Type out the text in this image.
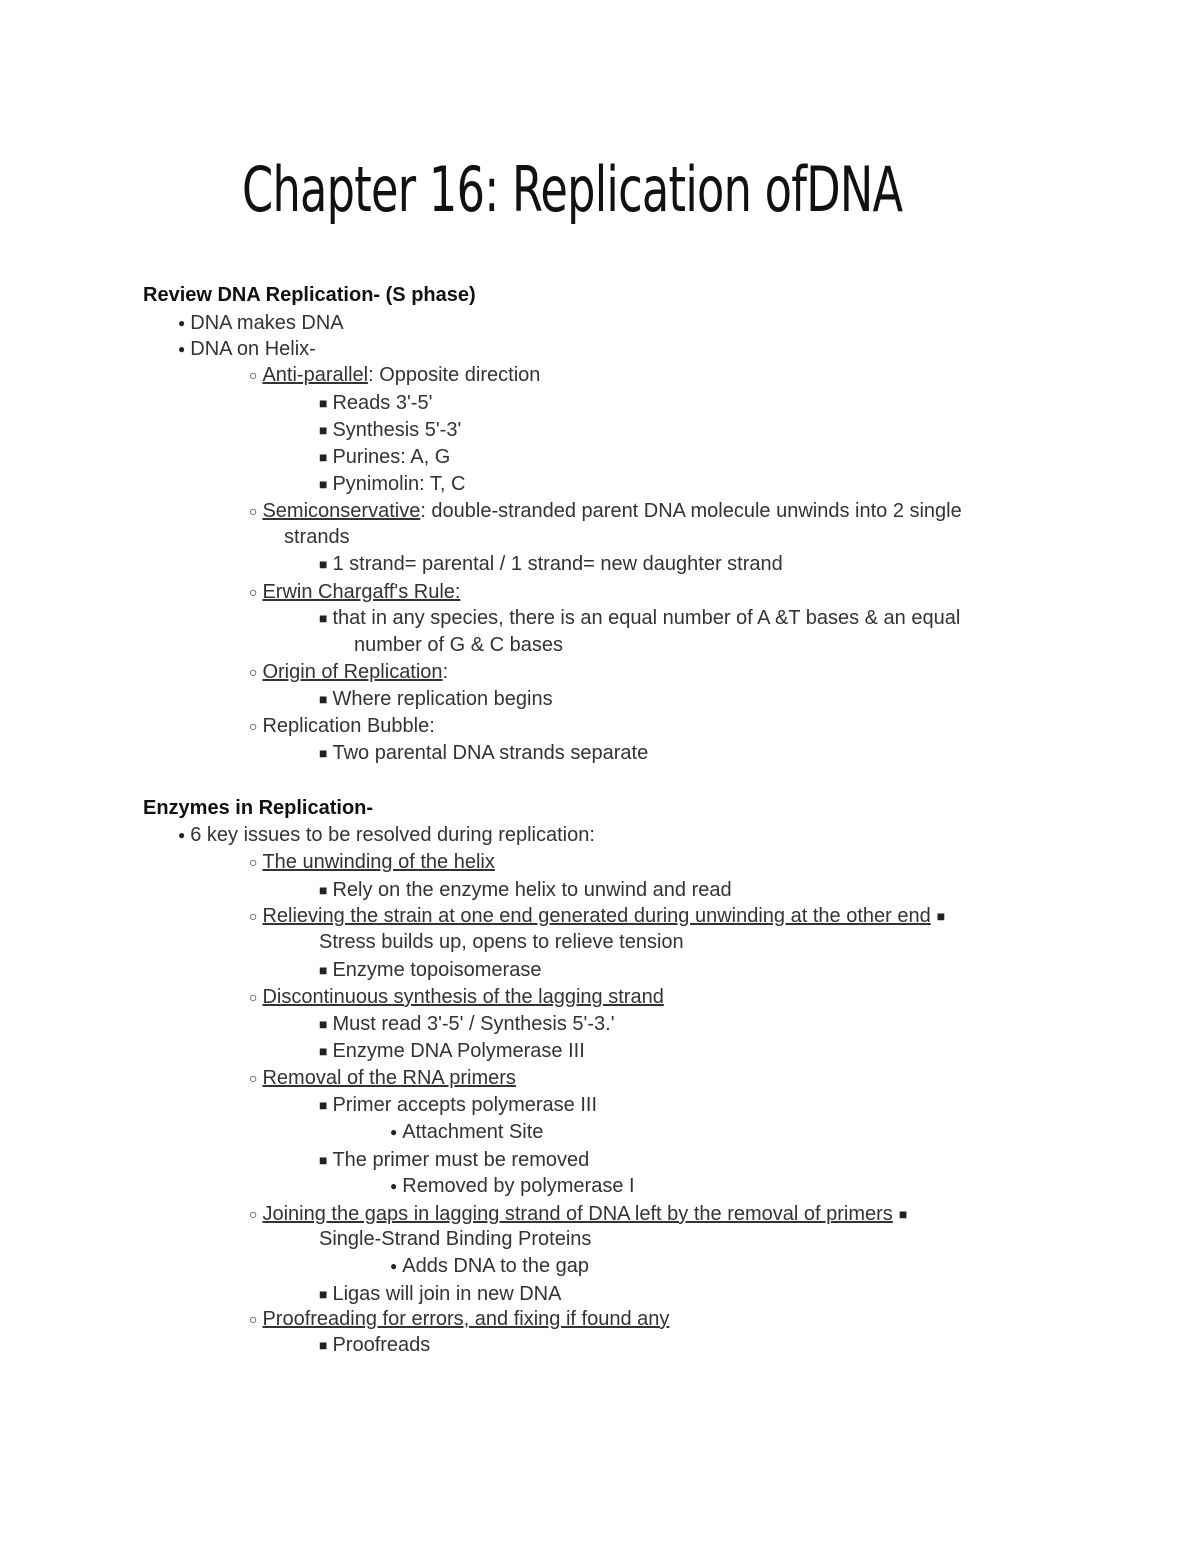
Chapter 16: Replication ofDNA
Review DNA Replication- (S phase)
● DNA makes DNA
● DNA on Helix-
○ Anti-parallel: Opposite direction
■ Reads 3'-5'
■ Synthesis 5'-3'
■ Purines: A, G
■ Pynimolin: T, C
○ Semiconservative: double-stranded parent DNA molecule unwinds into 2 single
strands
■ 1 strand= parental / 1 strand= new daughter strand
○ Erwin Chargaff's Rule:
■ that in any species, there is an equal number of A &T bases & an equal
number of G & C bases
○ Origin of Replication:
■ Where replication begins
○ Replication Bubble:
■ Two parental DNA strands separate
Enzymes in Replication-
● 6 key issues to be resolved during replication:
○ The unwinding of the helix
■ Rely on the enzyme helix to unwind and read
○ Relieving the strain at one end generated during unwinding at the other end ■
Stress builds up, opens to relieve tension
■ Enzyme topoisomerase
○ Discontinuous synthesis of the lagging strand
■ Must read 3'-5' / Synthesis 5'-3.'
■ Enzyme DNA Polymerase III
○ Removal of the RNA primers
■ Primer accepts polymerase III
● Attachment Site
■ The primer must be removed
● Removed by polymerase I
○ Joining the gaps in lagging strand of DNA left by the removal of primers ■
Single-Strand Binding Proteins
● Adds DNA to the gap
■ Ligas will join in new DNA
○ Proofreading for errors, and fixing if found any
■ Proofreads
